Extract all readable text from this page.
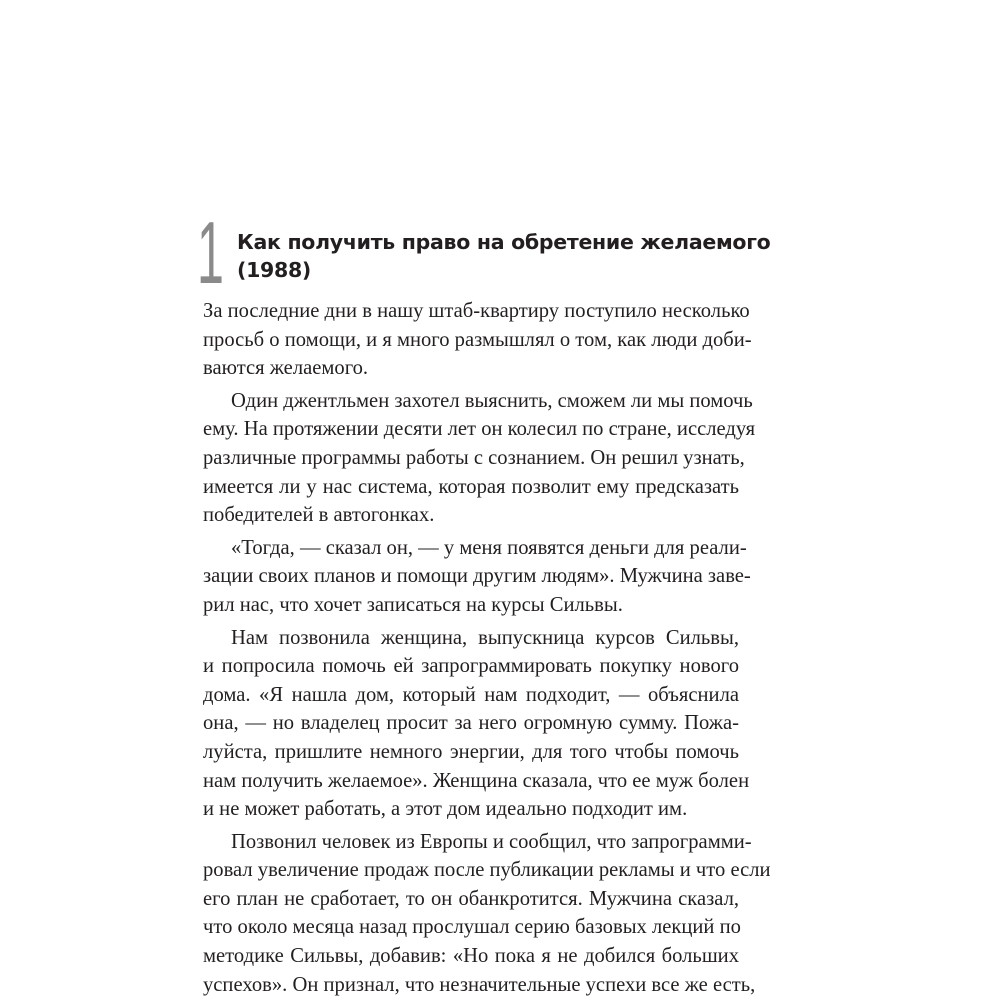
1 Как получить право на обретение желаемого
(1988)
За последние дни в нашу штаб-квартиру поступило несколько
просьб о помощи, и я много размышлял о том, как люди доби-
ваются желаемого.
Один джентльмен захотел выяснить, сможем ли мы помочь
ему. На протяжении десяти лет он колесил по стране, исследуя
различные программы работы с сознанием. Он решил узнать,
имеется ли у нас система, которая позволит ему предсказать
победителей в автогонках.
«Тогда, — сказал он, — у меня появятся деньги для реали-
зации своих планов и помощи другим людям». Мужчина заве-
рил нас, что хочет записаться на курсы Сильвы.
Нам позвонила женщина, выпускница курсов Сильвы,
и попросила помочь ей запрограммировать покупку нового
дома. «Я нашла дом, который нам подходит, — объяснила
она, — но владелец просит за него огромную сумму. Пожа-
луйста, пришлите немного энергии, для того чтобы помочь
нам получить желаемое». Женщина сказала, что ее муж болен
и не может работать, а этот дом идеально подходит им.
Позвонил человек из Европы и сообщил, что запрограмми-
ровал увеличение продаж после публикации рекламы и что если
его план не сработает, то он обанкротится. Мужчина сказал,
что около месяца назад прослушал серию базовых лекций по
методике Сильвы, добавив: «Но пока я не добился больших
успехов». Он признал, что незначительные успехи все же есть,
